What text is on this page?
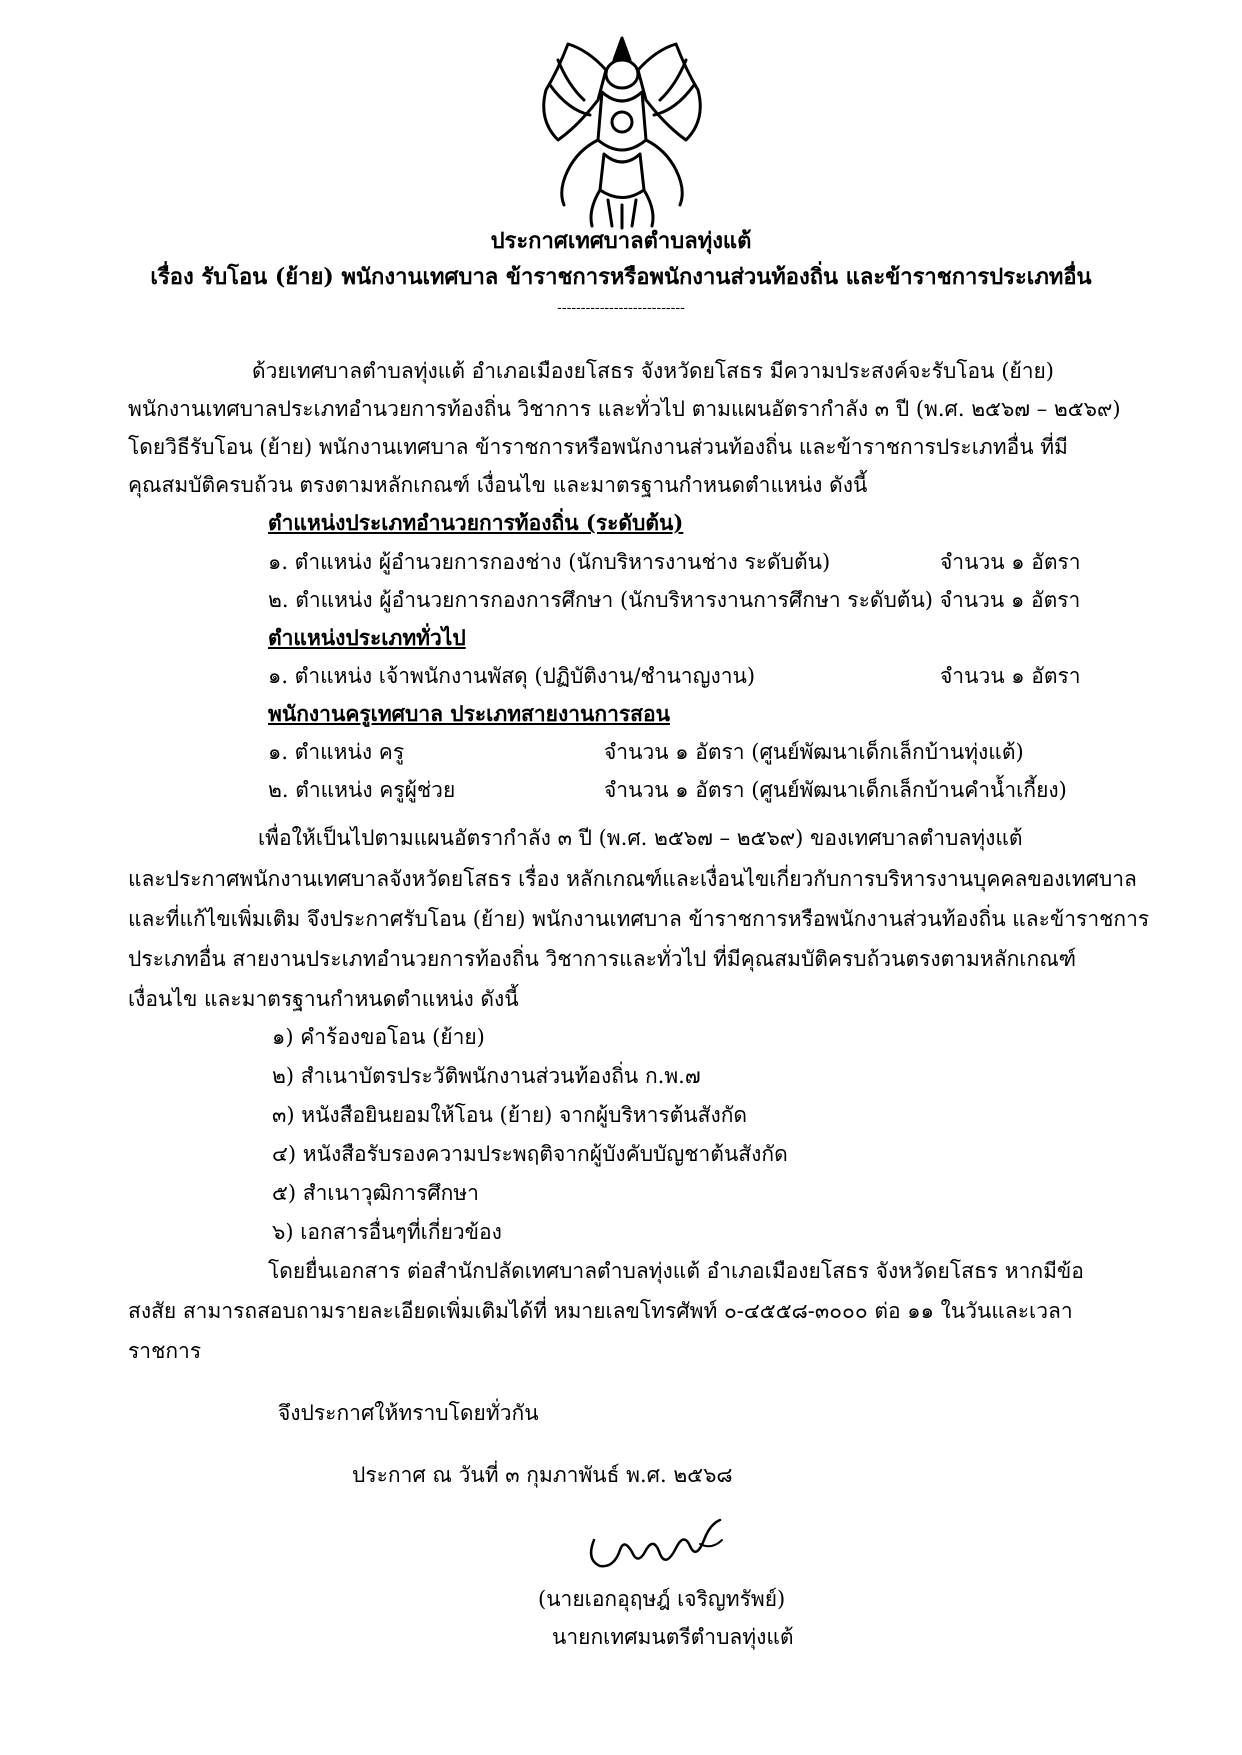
ประกาศเทศบาลตำบลทุ่งแต้
เรื่อง รับโอน (ย้าย) พนักงานเทศบาล ข้าราชการหรือพนักงานส่วนท้องถิ่น และข้าราชการประเภทอื่น
---------------------------
ด้วยเทศบาลตำบลทุ่งแต้ อำเภอเมืองยโสธร จังหวัดยโสธร มีความประสงค์จะรับโอน (ย้าย)
พนักงานเทศบาลประเภทอำนวยการท้องถิ่น วิชาการ และทั่วไป ตามแผนอัตรากำลัง ๓ ปี (พ.ศ. ๒๕๖๗ – ๒๕๖๙)
โดยวิธีรับโอน (ย้าย) พนักงานเทศบาล ข้าราชการหรือพนักงานส่วนท้องถิ่น และข้าราชการประเภทอื่น ที่มี
คุณสมบัติครบถ้วน ตรงตามหลักเกณฑ์ เงื่อนไข และมาตรฐานกำหนดตำแหน่ง ดังนี้
ตำแหน่งประเภทอำนวยการท้องถิ่น (ระดับต้น)
๑. ตำแหน่ง ผู้อำนวยการกองช่าง (นักบริหารงานช่าง ระดับต้น)	จำนวน ๑ อัตรา
๒. ตำแหน่ง ผู้อำนวยการกองการศึกษา (นักบริหารงานการศึกษา ระดับต้น) จำนวน ๑ อัตรา
ตำแหน่งประเภททั่วไป
๑. ตำแหน่ง เจ้าพนักงานพัสดุ (ปฏิบัติงาน/ชำนาญงาน)	จำนวน ๑ อัตรา
พนักงานครูเทศบาล ประเภทสายงานการสอน
๑. ตำแหน่ง ครู	จำนวน ๑ อัตรา (ศูนย์พัฒนาเด็กเล็กบ้านทุ่งแต้)
๒. ตำแหน่ง ครูผู้ช่วย	จำนวน ๑ อัตรา (ศูนย์พัฒนาเด็กเล็กบ้านคำน้ำเกี้ยง)
เพื่อให้เป็นไปตามแผนอัตรากำลัง ๓ ปี (พ.ศ. ๒๕๖๗ – ๒๕๖๙) ของเทศบาลตำบลทุ่งแต้
และประกาศพนักงานเทศบาลจังหวัดยโสธร เรื่อง หลักเกณฑ์และเงื่อนไขเกี่ยวกับการบริหารงานบุคคลของเทศบาล
และที่แก้ไขเพิ่มเติม จึงประกาศรับโอน (ย้าย) พนักงานเทศบาล ข้าราชการหรือพนักงานส่วนท้องถิ่น และข้าราชการ
ประเภทอื่น สายงานประเภทอำนวยการท้องถิ่น วิชาการและทั่วไป ที่มีคุณสมบัติครบถ้วนตรงตามหลักเกณฑ์
เงื่อนไข และมาตรฐานกำหนดตำแหน่ง ดังนี้
๑) คำร้องขอโอน (ย้าย)
๒) สำเนาบัตรประวัติพนักงานส่วนท้องถิ่น ก.พ.๗
๓) หนังสือยินยอมให้โอน (ย้าย) จากผู้บริหารต้นสังกัด
๔) หนังสือรับรองความประพฤติจากผู้บังคับบัญชาต้นสังกัด
๕) สำเนาวุฒิการศึกษา
๖) เอกสารอื่นๆที่เกี่ยวข้อง
โดยยื่นเอกสาร ต่อสำนักปลัดเทศบาลตำบลทุ่งแต้ อำเภอเมืองยโสธร จังหวัดยโสธร หากมีข้อ
สงสัย สามารถสอบถามรายละเอียดเพิ่มเติมได้ที่ หมายเลขโทรศัพท์ ๐-๔๕๕๘-๓๐๐๐ ต่อ ๑๑ ในวันและเวลา
ราชการ
จึงประกาศให้ทราบโดยทั่วกัน
ประกาศ ณ วันที่ ๓ กุมภาพันธ์ พ.ศ. ๒๕๖๘
(นายเอกอุฤษฎ์ เจริญทรัพย์)
นายกเทศมนตรีตำบลทุ่งแต้
